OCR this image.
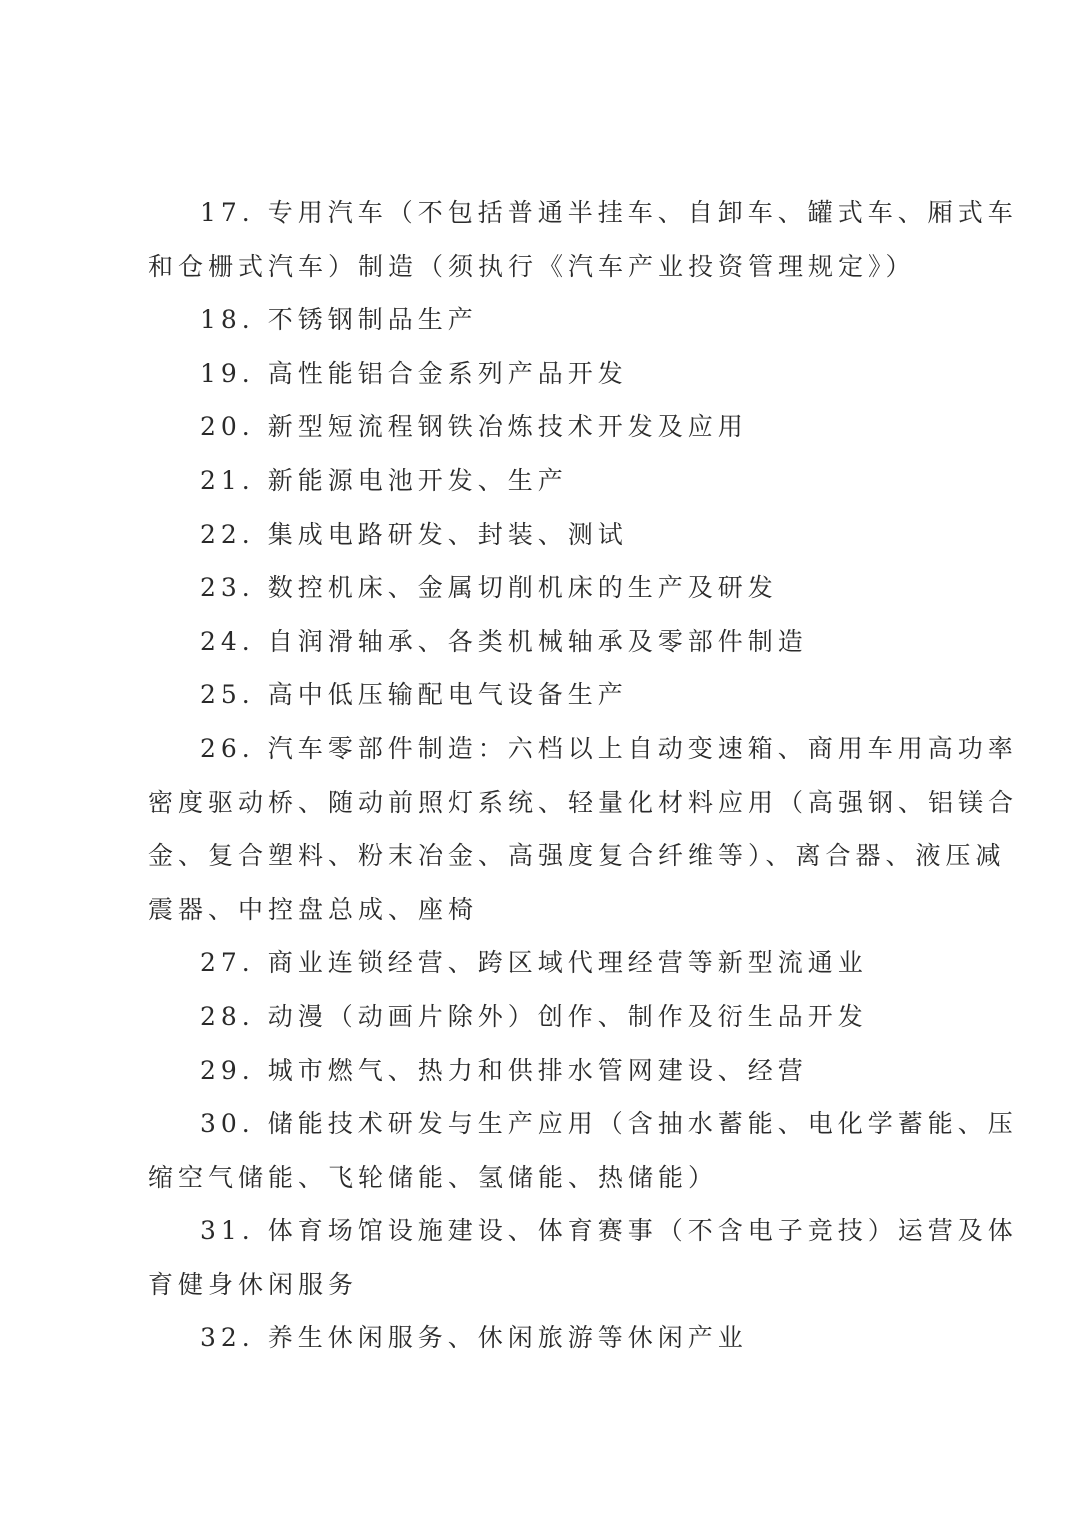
17. 专用汽车（不包括普通半挂车、自卸车、罐式车、厢式车
和仓栅式汽车）制造（须执行《汽车产业投资管理规定》）
18. 不锈钢制品生产
19. 高性能铝合金系列产品开发
20. 新型短流程钢铁冶炼技术开发及应用
21. 新能源电池开发、生产
22. 集成电路研发、封装、测试
23. 数控机床、金属切削机床的生产及研发
24. 自润滑轴承、各类机械轴承及零部件制造
25. 高中低压输配电气设备生产
26. 汽车零部件制造：六档以上自动变速箱、商用车用高功率
密度驱动桥、随动前照灯系统、轻量化材料应用（高强钢、铝镁合
金、复合塑料、粉末冶金、高强度复合纤维等）、离合器、液压减
震器、中控盘总成、座椅
27. 商业连锁经营、跨区域代理经营等新型流通业
28. 动漫（动画片除外）创作、制作及衍生品开发
29. 城市燃气、热力和供排水管网建设、经营
30. 储能技术研发与生产应用（含抽水蓄能、电化学蓄能、压
缩空气储能、飞轮储能、氢储能、热储能）
31. 体育场馆设施建设、体育赛事（不含电子竞技）运营及体
育健身休闲服务
32. 养生休闲服务、休闲旅游等休闲产业
